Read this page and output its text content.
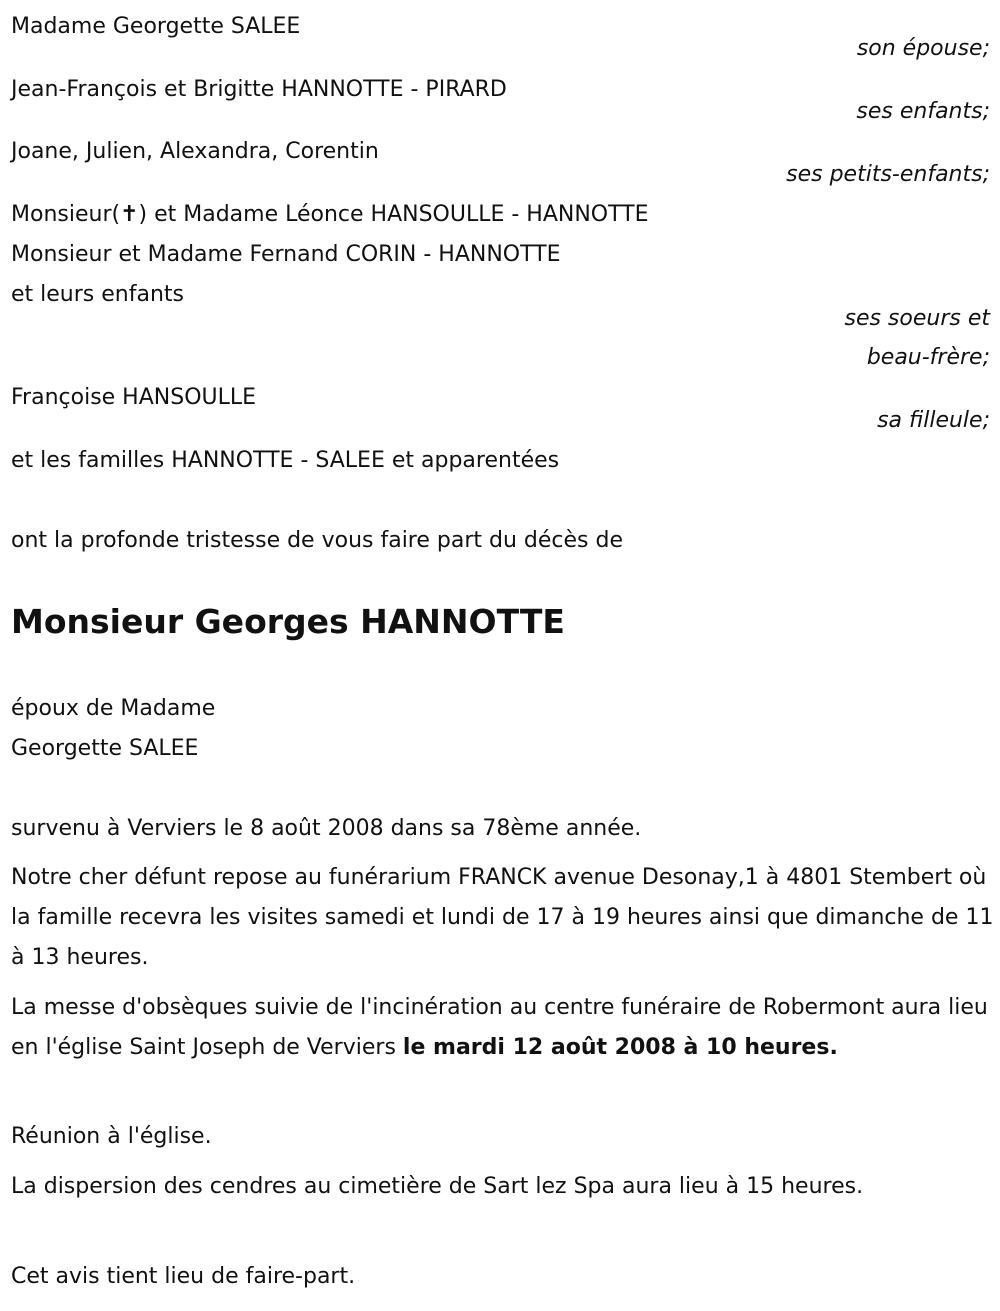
Madame Georgette SALEE
son épouse;
Jean-François et Brigitte HANNOTTE - PIRARD
ses enfants;
Joane, Julien, Alexandra, Corentin
ses petits-enfants;
Monsieur(✝) et Madame Léonce HANSOULLE - HANNOTTE
Monsieur et Madame Fernand CORIN - HANNOTTE
et leurs enfants
ses soeurs et
beau-frère;
Françoise HANSOULLE
sa filleule;
et les familles HANNOTTE - SALEE et apparentées
ont la profonde tristesse de vous faire part du décès de
Monsieur Georges HANNOTTE
époux de Madame
Georgette SALEE
survenu à Verviers le 8 août 2008 dans sa 78ème année.
Notre cher défunt repose au funérarium FRANCK avenue Desonay,1 à 4801 Stembert où la famille recevra les visites samedi et lundi de 17 à 19 heures ainsi que dimanche de 11 à 13 heures.
La messe d'obsèques suivie de l'incinération au centre funéraire de Robermont aura lieu en l'église Saint Joseph de Verviers le mardi 12 août 2008 à 10 heures.
Réunion à l'église.
La dispersion des cendres au cimetière de Sart lez Spa aura lieu à 15 heures.
Cet avis tient lieu de faire-part.
